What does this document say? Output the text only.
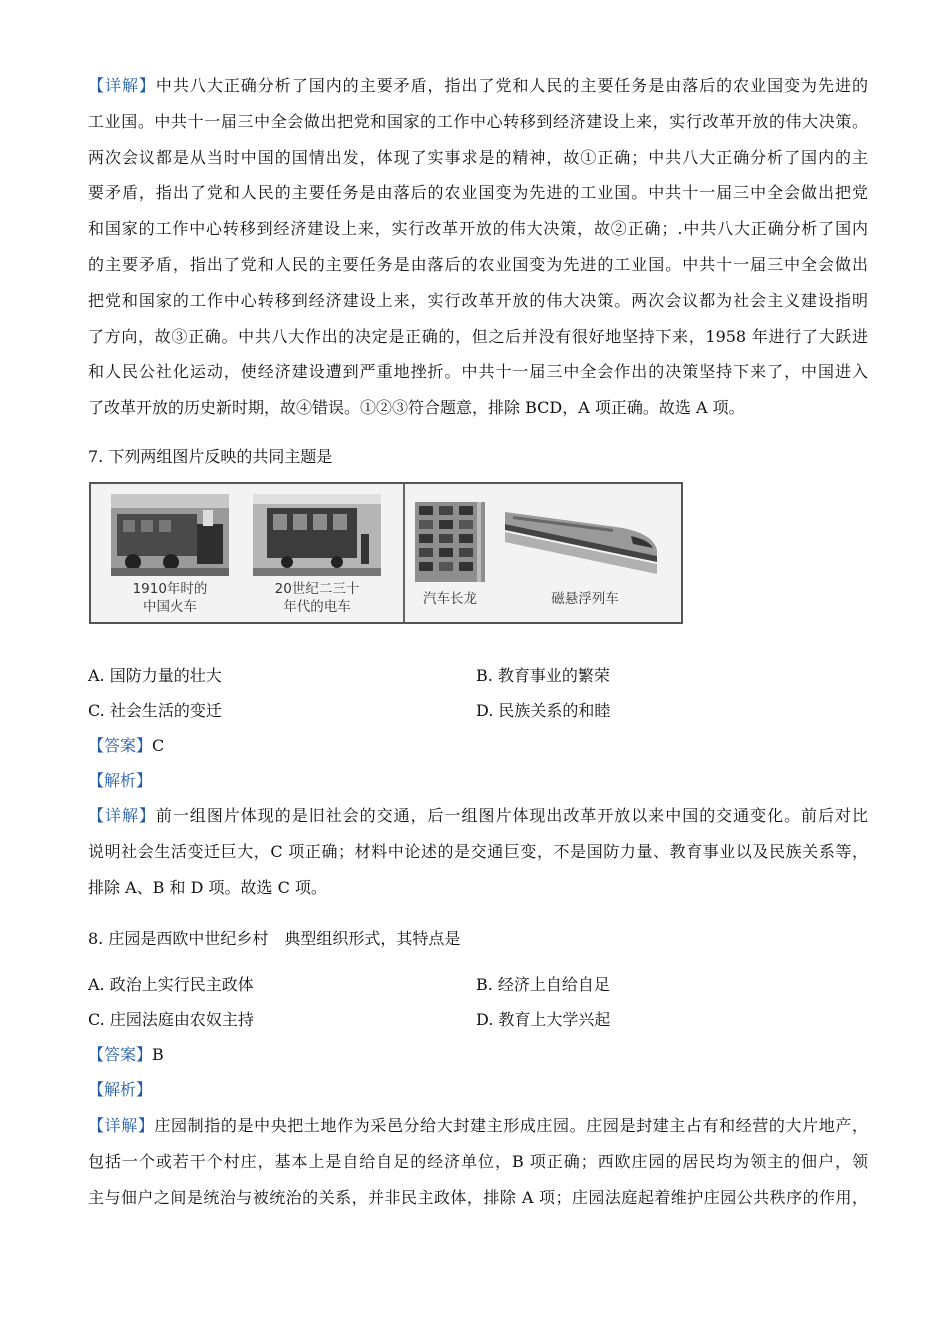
【详解】中共八大正确分析了国内的主要矛盾，指出了党和人民的主要任务是由落后的农业国变为先进的
工业国。中共十一届三中全会做出把党和国家的工作中心转移到经济建设上来，实行改革开放的伟大决策。
两次会议都是从当时中国的国情出发，体现了实事求是的精神，故①正确；中共八大正确分析了国内的主
要矛盾，指出了党和人民的主要任务是由落后的农业国变为先进的工业国。中共十一届三中全会做出把党
和国家的工作中心转移到经济建设上来，实行改革开放的伟大决策，故②正确；.中共八大正确分析了国内
的主要矛盾，指出了党和人民的主要任务是由落后的农业国变为先进的工业国。中共十一届三中全会做出
把党和国家的工作中心转移到经济建设上来，实行改革开放的伟大决策。两次会议都为社会主义建设指明
了方向，故③正确。中共八大作出的决定是正确的，但之后并没有很好地坚持下来，1958 年进行了大跃进
和人民公社化运动，使经济建设遭到严重地挫折。中共十一届三中全会作出的决策坚持下来了，中国进入
了改革开放的历史新时期，故④错误。①②③符合题意，排除 BCD，A 项正确。故选 A 项。
7. 下列两组图片反映的共同主题是
1910年时的
中国火车
20世纪二三十
年代的电车	汽车长龙	磁悬浮列车
A. 国防力量的壮大	B. 教育事业的繁荣
C. 社会生活的变迁	D. 民族关系的和睦
【答案】C
【解析】
【详解】前一组图片体现的是旧社会的交通，后一组图片体现出改革开放以来中国的交通变化。前后对比
说明社会生活变迁巨大，C 项正确；材料中论述的是交通巨变，不是国防力量、教育事业以及民族关系等，
排除 A、B 和 D 项。故选 C 项。
8. 庄园是西欧中世纪乡村　典型组织形式，其特点是
A. 政治上实行民主政体	B. 经济上自给自足
C. 庄园法庭由农奴主持	D. 教育上大学兴起
【答案】B
【解析】
【详解】庄园制指的是中央把土地作为采邑分给大封建主形成庄园。庄园是封建主占有和经营的大片地产，
包括一个或若干个村庄，基本上是自给自足的经济单位，B 项正确；西欧庄园的居民均为领主的佃户，领
主与佃户之间是统治与被统治的关系，并非民主政体，排除 A 项；庄园法庭起着维护庄园公共秩序的作用，
